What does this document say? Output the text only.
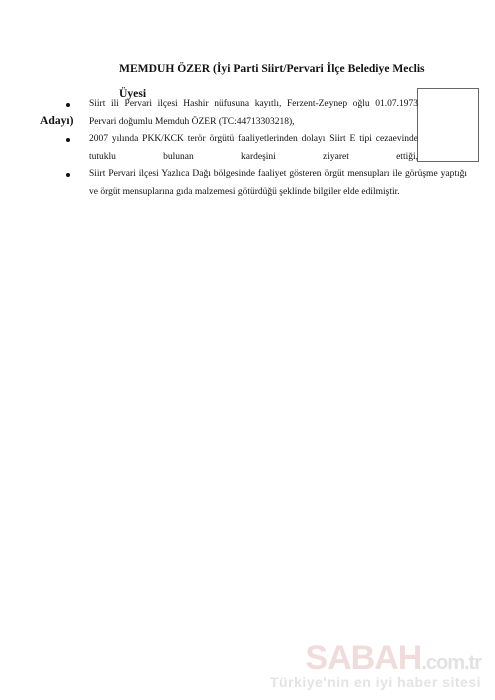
MEMDUH ÖZER (İyi Parti Siirt/Pervari İlçe Belediye Meclis Üyesi
Adayı)
Siirt ili Pervari ilçesi Hashir nüfusuna kayıtlı, Ferzent-Zeynep oğlu 01.07.1973 Pervari doğumlu Memduh ÖZER (TC:44713303218),
2007 yılında PKK/KCK terör örgütü faaliyetlerinden dolayı Siirt E tipi cezaevinde tutuklu bulunan kardeşini ziyaret ettiği,
Siirt Pervari ilçesi Yazlıca Dağı bölgesinde faaliyet gösteren örgüt mensupları ile görüşme yaptığı ve örgüt mensuplarına gıda malzemesi götürdüğü şeklinde bilgiler elde edilmiştir.
SABAH.com.tr
Türkiye'nin en iyi haber sitesi
